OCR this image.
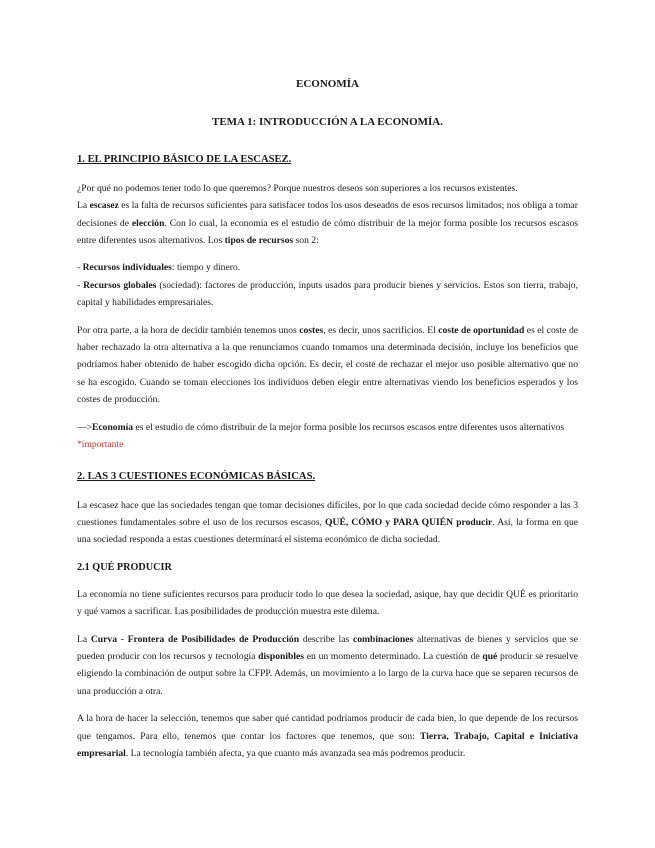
ECONOMÍA
TEMA 1: INTRODUCCIÓN A LA ECONOMÍA.
1. EL PRINCIPIO BÁSICO DE LA ESCASEZ.

¿Por qué no podemos tener todo lo que queremos? Porque nuestros deseos son superiores a los recursos existentes.

La escasez es la falta de recursos suficientes para satisfacer todos los usos deseados de esos recursos limitados; nos obliga a tomar decisiones de elección. Con lo cual, la economía es el estudio de cómo distribuir de la mejor forma posible los recursos escasos entre diferentes usos alternativos. Los tipos de recursos son 2:

- Recursos individuales: tiempo y dinero.

- Recursos globales (sociedad): factores de producción, inputs usados para producir bienes y servicios. Estos son tierra, trabajo, capital y habilidades empresariales.

Por otra parte, a la hora de decidir también tenemos unos costes, es decir, unos sacrificios. El coste de oportunidad es el coste de haber rechazado la otra alternativa a la que renunciamos cuando tomamos una determinada decisión, incluye los beneficios que podríamos haber obtenido de haber escogido dicha opción. Es decir, el coste de rechazar el mejor uso posible alternativo que no se ha escogido. Cuando se toman elecciones los individuos deben elegir entre alternativas viendo los beneficios esperados y los costes de producción.

—>Economía es el estudio de cómo distribuir de la mejor forma posible los recursos escasos entre diferentes usos alternativos *importante

2. LAS 3 CUESTIONES ECONÓMICAS BÁSICAS.

La escasez hace que las sociedades tengan que tomar decisiones difíciles, por lo que cada sociedad decide cómo responder a las 3 cuestiones fundamentales sobre el uso de los recursos escasos, QUÉ, CÓMO y PARA QUIÉN producir. Así, la forma en que una sociedad responda a estas cuestiones determinará el sistema económico de dicha sociedad.

2.1 QUÉ PRODUCIR

La economía no tiene suficientes recursos para producir todo lo que desea la sociedad, asique, hay que decidir QUÉ es prioritario y qué vamos a sacrificar. Las posibilidades de producción muestra este dilema.

La Curva - Frontera de Posibilidades de Producción describe las combinaciones alternativas de bienes y servicios que se pueden producir con los recursos y tecnología disponibles en un momento determinado. La cuestión de qué producir se resuelve eligiendo la combinación de output sobre la CFPP. Además, un movimiento a lo largo de la curva hace que se separen recursos de una producción a otra.

A la hora de hacer la selección, tenemos que saber qué cantidad podríamos producir de cada bien, lo que depende de los recursos que tengamos. Para ello, tenemos que contar los factores que tenemos, que son: Tierra, Trabajo, Capital e Iniciativa empresarial. La tecnología también afecta, ya que cuanto más avanzada sea más podremos producir.
